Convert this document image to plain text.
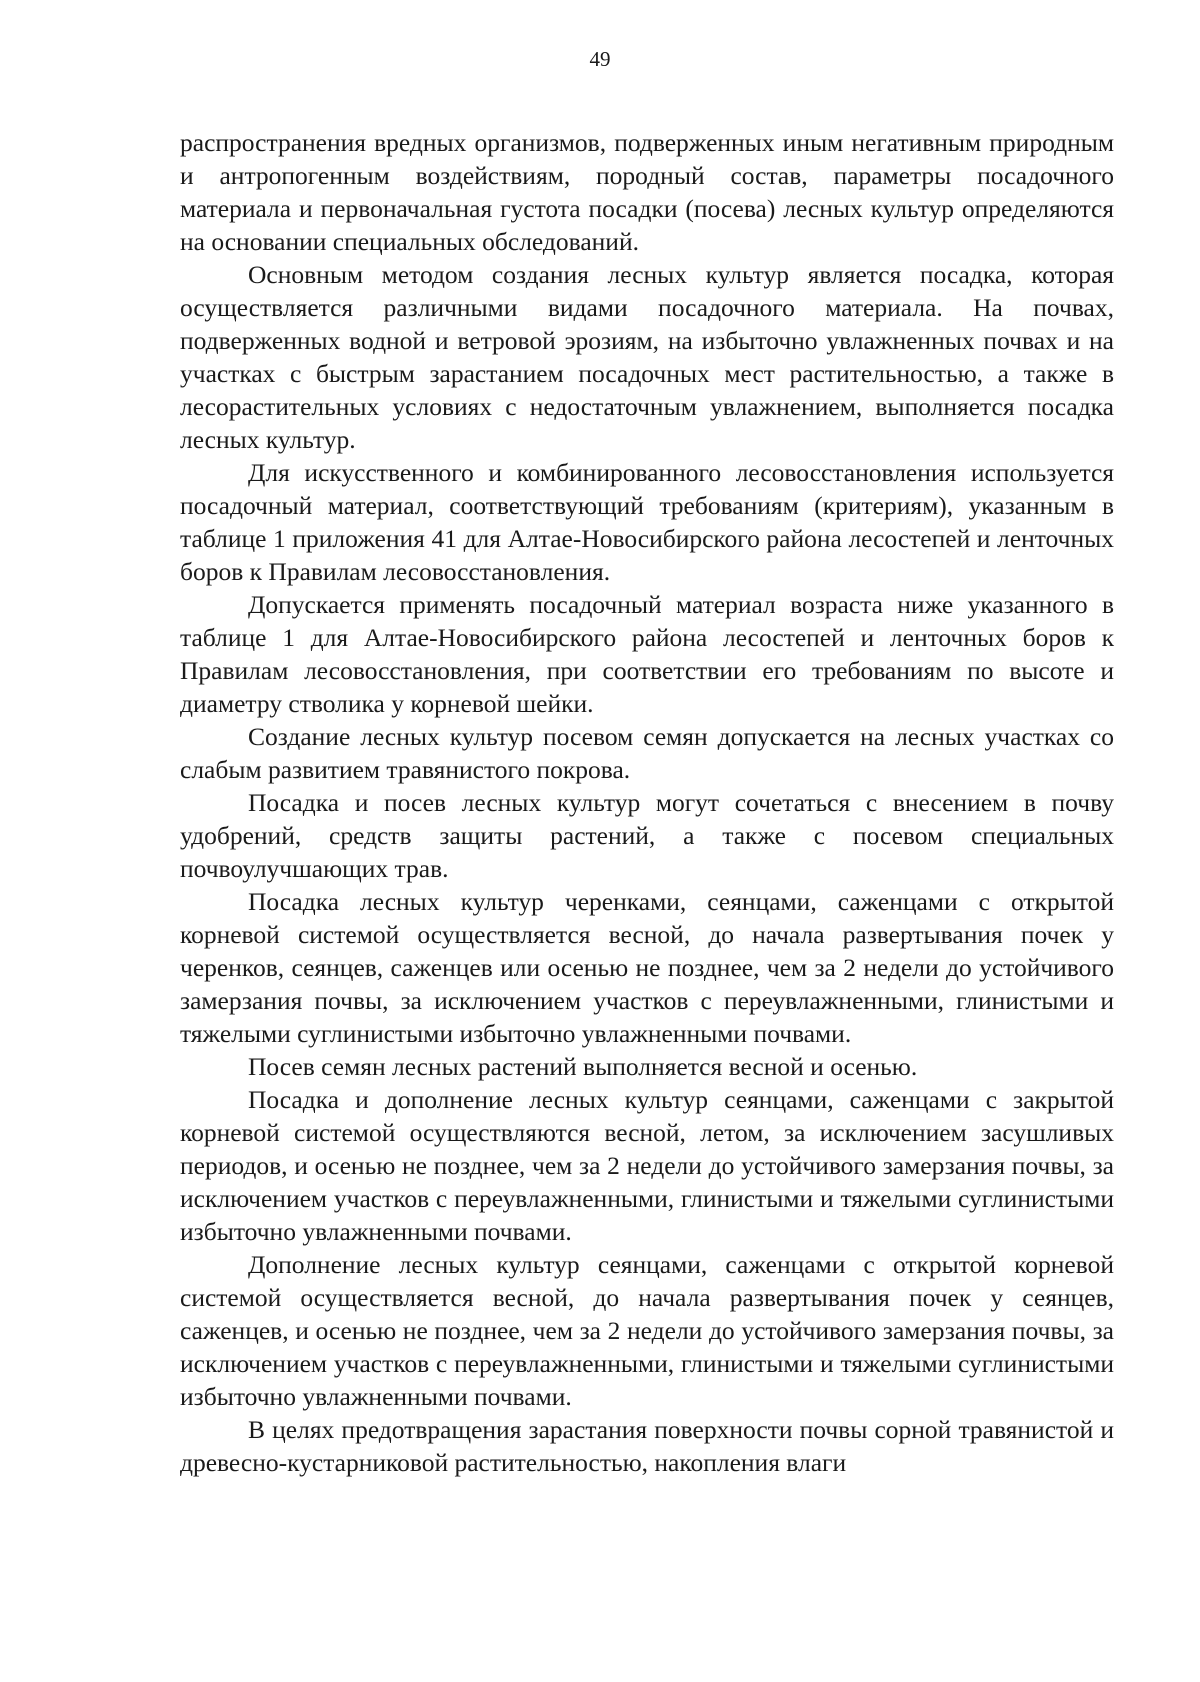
49

распространения вредных организмов, подверженных иным негативным природным и антропогенным воздействиям, породный состав, параметры посадочного материала и первоначальная густота посадки (посева) лесных культур определяются на основании специальных обследований.

Основным методом создания лесных культур является посадка, которая осуществляется различными видами посадочного материала. На почвах, подверженных водной и ветровой эрозиям, на избыточно увлажненных почвах и на участках с быстрым зарастанием посадочных мест растительностью, а также в лесорастительных условиях с недостаточным увлажнением, выполняется посадка лесных культур.

Для искусственного и комбинированного лесовосстановления используется посадочный материал, соответствующий требованиям (критериям), указанным в таблице 1 приложения 41 для Алтае-Новосибирского района лесостепей и ленточных боров к Правилам лесовосстановления.

Допускается применять посадочный материал возраста ниже указанного в таблице 1 для Алтае-Новосибирского района лесостепей и ленточных боров к Правилам лесовосстановления, при соответствии его требованиям по высоте и диаметру стволика у корневой шейки.

Создание лесных культур посевом семян допускается на лесных участках со слабым развитием травянистого покрова.

Посадка и посев лесных культур могут сочетаться с внесением в почву удобрений, средств защиты растений, а также с посевом специальных почвоулучшающих трав.

Посадка лесных культур черенками, сеянцами, саженцами с открытой корневой системой осуществляется весной, до начала развертывания почек у черенков, сеянцев, саженцев или осенью не позднее, чем за 2 недели до устойчивого замерзания почвы, за исключением участков с переувлажненными, глинистыми и тяжелыми суглинистыми избыточно увлажненными почвами.

Посев семян лесных растений выполняется весной и осенью.

Посадка и дополнение лесных культур сеянцами, саженцами с закрытой корневой системой осуществляются весной, летом, за исключением засушливых периодов, и осенью не позднее, чем за 2 недели до устойчивого замерзания почвы, за исключением участков с переувлажненными, глинистыми и тяжелыми суглинистыми избыточно увлажненными почвами.

Дополнение лесных культур сеянцами, саженцами с открытой корневой системой осуществляется весной, до начала развертывания почек у сеянцев, саженцев, и осенью не позднее, чем за 2 недели до устойчивого замерзания почвы, за исключением участков с переувлажненными, глинистыми и тяжелыми суглинистыми избыточно увлажненными почвами.

В целях предотвращения зарастания поверхности почвы сорной травянистой и древесно-кустарниковой растительностью, накопления влаги
